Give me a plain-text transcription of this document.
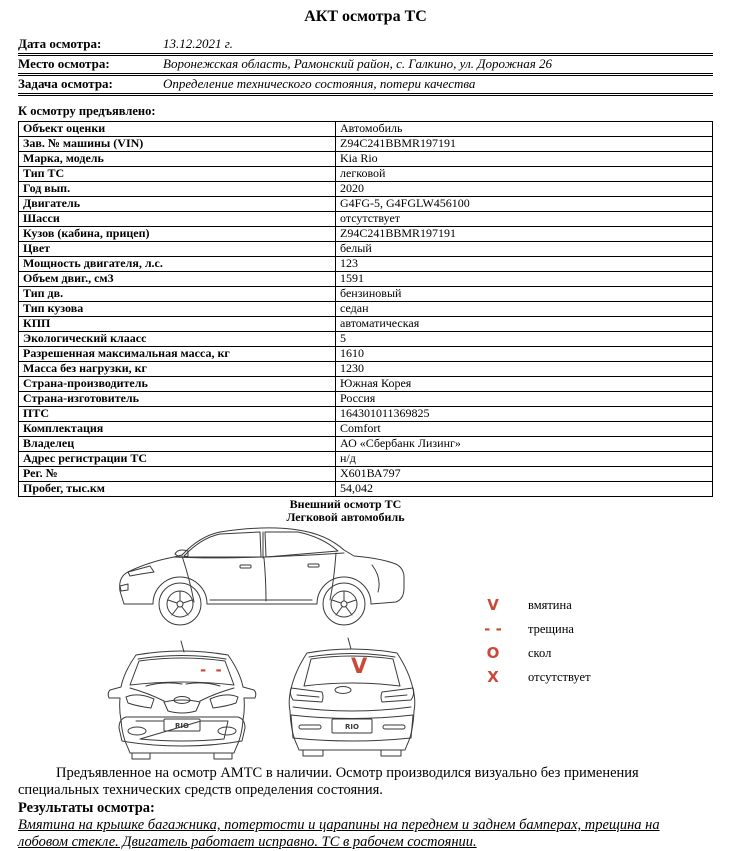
АКТ осмотра ТС
Дата осмотра:	13.12.2021 г.
Место осмотра:	Воронежская область, Рамонский район, с. Галкино, ул. Дорожная 26
Задача осмотра:	Определение технического состояния, потери качества
К осмотру предъявлено:
Объект оценки	Автомобиль
Зав. № машины (VIN)	Z94C241BBMR197191
Марка, модель	Kia Rio
Тип ТС	легковой
Год вып.	2020
Двигатель	G4FG-5, G4FGLW456100
Шасси	отсутствует
Кузов (кабина, прицеп)	Z94C241BBMR197191
Цвет	белый
Мощность двигателя, л.с.	123
Объем двиг., см3	1591
Тип дв.	бензиновый
Тип кузова	седан
КПП	автоматическая
Экологический клаасс	5
Разрешенная максимальная масса, кг	1610
Масса без нагрузки, кг	1230
Страна-производитель	Южная Корея
Страна-изготовитель	Россия
ПТС	164301011369825
Комплектация	Comfort
Владелец	АО «Сбербанк Лизинг»
Адрес регистрации ТС	н/д
Рег. №	Х601ВА797
Пробег, тыс.км	54,042
Внешний осмотр ТС
Легковой автомобиль
RIO	RIO
V	вмятина
- -	трещина
O	скол
X	отсутствует
- -	V

Предъявленное на осмотр АМТС в наличии. Осмотр производился визуально без применения специальных технических средств определения состояния.

Результаты осмотра:

Вмятина на крышке багажника, потертости и царапины на переднем и заднем бамперах, трещина на лобовом стекле. Двигатель работает исправно. ТС в рабочем состоянии.
